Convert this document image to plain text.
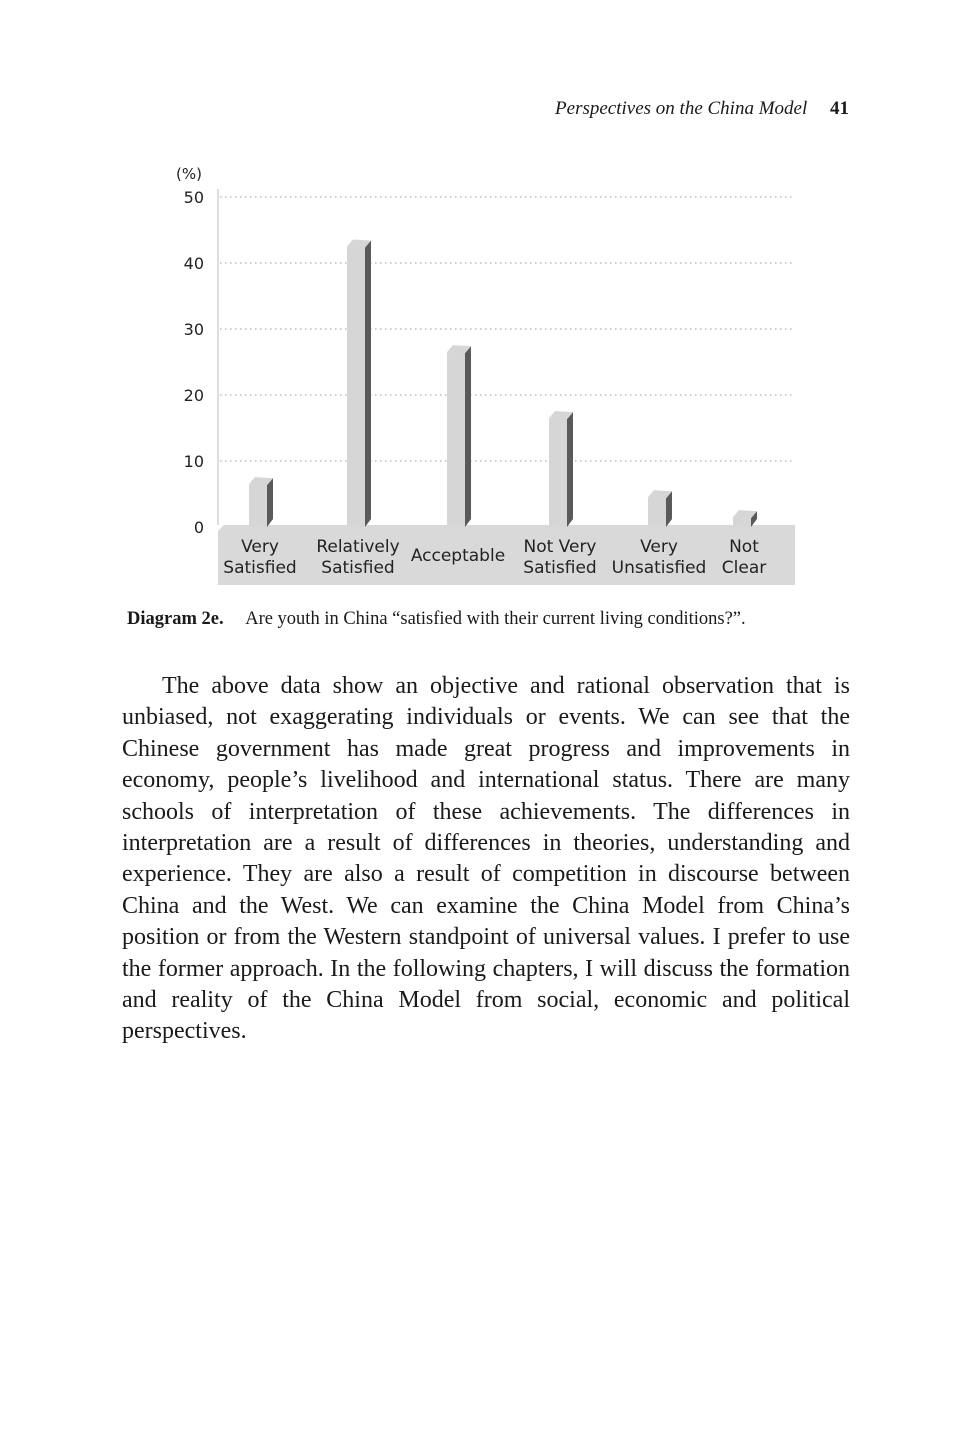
Perspectives on the China Model 41
(%)
0
10
20
30
40
50
Very
Satisfied
Relatively
Satisfied
Acceptable Not Very
Satisfied
Very
Unsatisfied
Not
Clear
Diagram 2e. Are youth in China “satisfied with their current living conditions?”.

The above data show an objective and rational observation that is unbiased, not exaggerating individuals or events. We can see that the Chinese government has made great progress and improvements in economy, people’s livelihood and international status. There are many schools of interpretation of these achievements. The differences in interpretation are a result of differences in theories, understanding and experience. They are also a result of competition in discourse between China and the West. We can examine the China Model from China’s position or from the Western standpoint of universal values. I prefer to use the former approach. In the following chapters, I will discuss the formation and reality of the China Model from social, economic and political perspectives.
